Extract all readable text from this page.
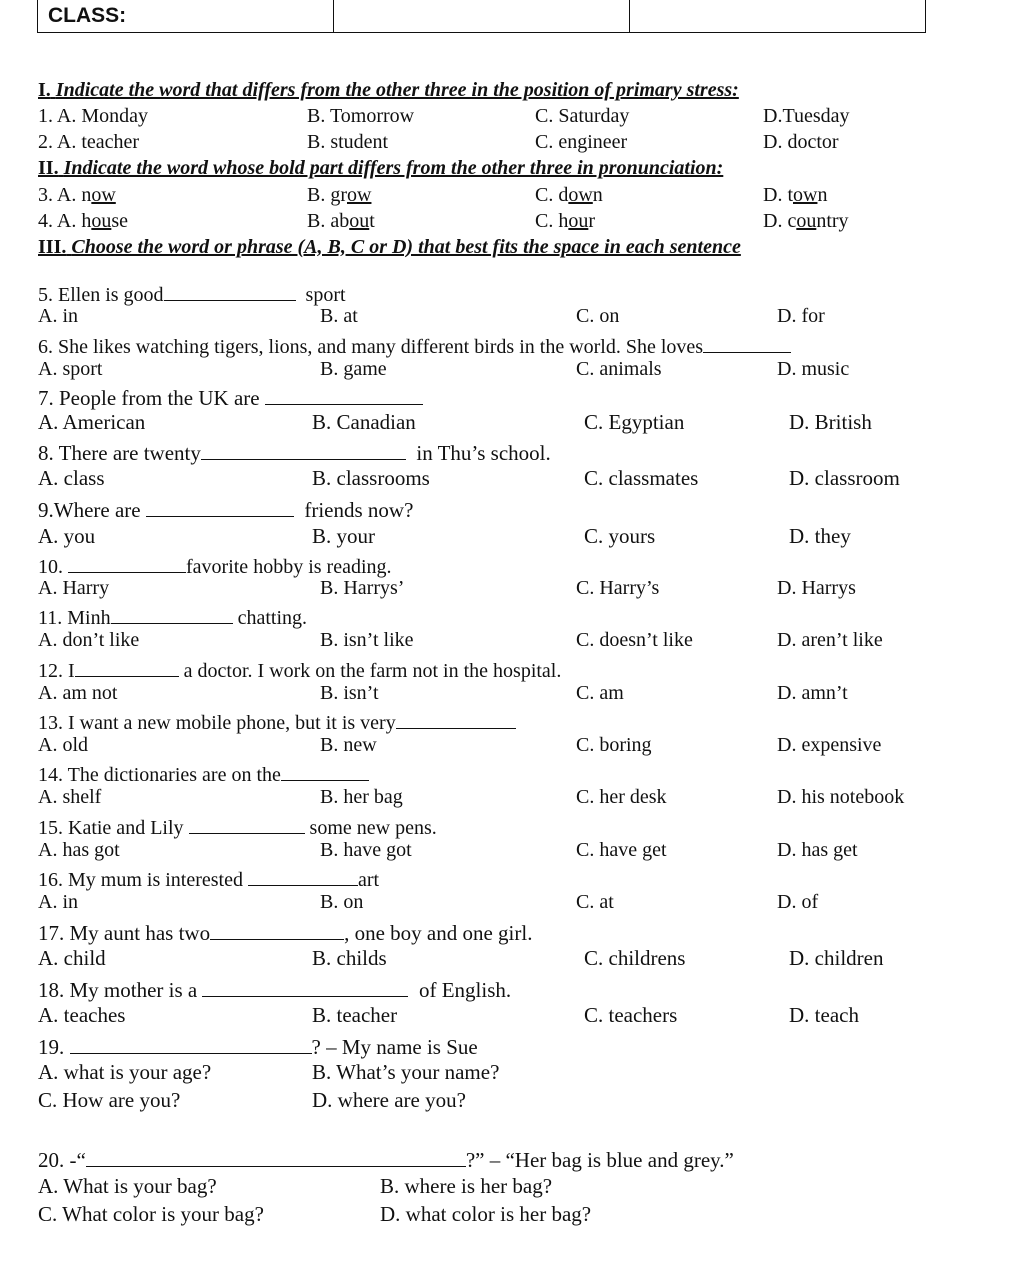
CLASS:
I. Indicate the word that differs from the other three in the position of primary stress:
1. A. Monday	B. Tomorrow	C. Saturday	D.Tuesday
2. A. teacher	B. student	C. engineer	D. doctor
II. Indicate the word whose bold part differs from the other three in pronunciation:
3. A. now	B. grow	C. down	D. town
4. A. house	B. about	C. hour	D. country
III. Choose the word or phrase (A, B, C or D) that best fits the space in each sentence
5. Ellen is good	sport
A. in	B. at	C. on	D. for
6. She likes watching tigers, lions, and many different birds in the world. She loves
A. sport	B. game	C. animals	D. music
7. People from the UK are
A. American	B. Canadian	C. Egyptian	D. British
8. There are twenty	in Thu’s school.
A. class	B. classrooms	C. classmates	D. classroom
9.Where are	friends now?
A. you	B. your	C. yours	D. they
10.	favorite hobby is reading.
A. Harry	B. Harrys’	C. Harry’s	D. Harrys
11. Minh	chatting.
A. don’t like	B. isn’t like	C. doesn’t like	D. aren’t like
12. I	a doctor. I work on the farm not in the hospital.
A. am not	B. isn’t	C. am	D. amn’t
13. I want a new mobile phone, but it is very
A. old	B. new	C. boring	D. expensive
14. The dictionaries are on the
A. shelf	B. her bag	C. her desk	D. his notebook
15. Katie and Lily	some new pens.
A. has got	B. have got	C. have get	D. has get
16. My mum is interested	art
A. in	B. on	C. at	D. of
17. My aunt has two	, one boy and one girl.
A. child	B. childs	C. childrens	D. children
18. My mother is a	of English.
A. teaches	B. teacher	C. teachers	D. teach
19.	? – My name is Sue
A. what is your age?	B. What’s your name?
C. How are you?	D. where are you?
20. -“	?” – “Her bag is blue and grey.”
A. What is your bag?	B. where is her bag?
C. What color is your bag?	D. what color is her bag?
